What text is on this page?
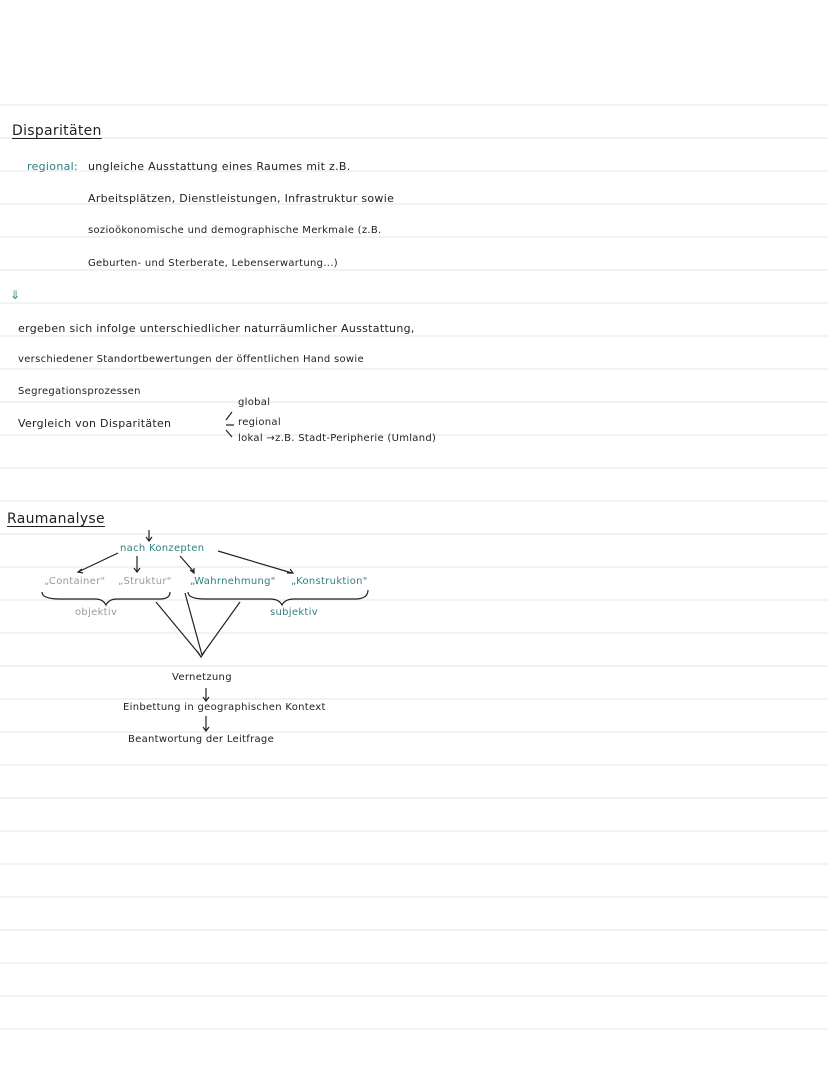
Disparitäten
regional: ungleiche Ausstattung eines Raumes mit z.B.
Arbeitsplätzen, Dienstleistungen, Infrastruktur sowie
sozioökonomische und demographische Merkmale (z.B.
Geburten- und Sterberate, Lebenserwartung...)
⇓
ergeben sich infolge unterschiedlicher naturräumlicher Ausstattung,
verschiedener Standortbewertungen der öffentlichen Hand sowie
Segregationsprozessen
Vergleich von Disparitäten
global
regional
lokal →z.B. Stadt-Peripherie (Umland)
Raumanalyse
nach Konzepten
„Container" „Struktur" „Wahrnehmung" „Konstruktion"
objektiv	subjektiv
Vernetzung
Einbettung in geographischen Kontext
Beantwortung der Leitfrage
